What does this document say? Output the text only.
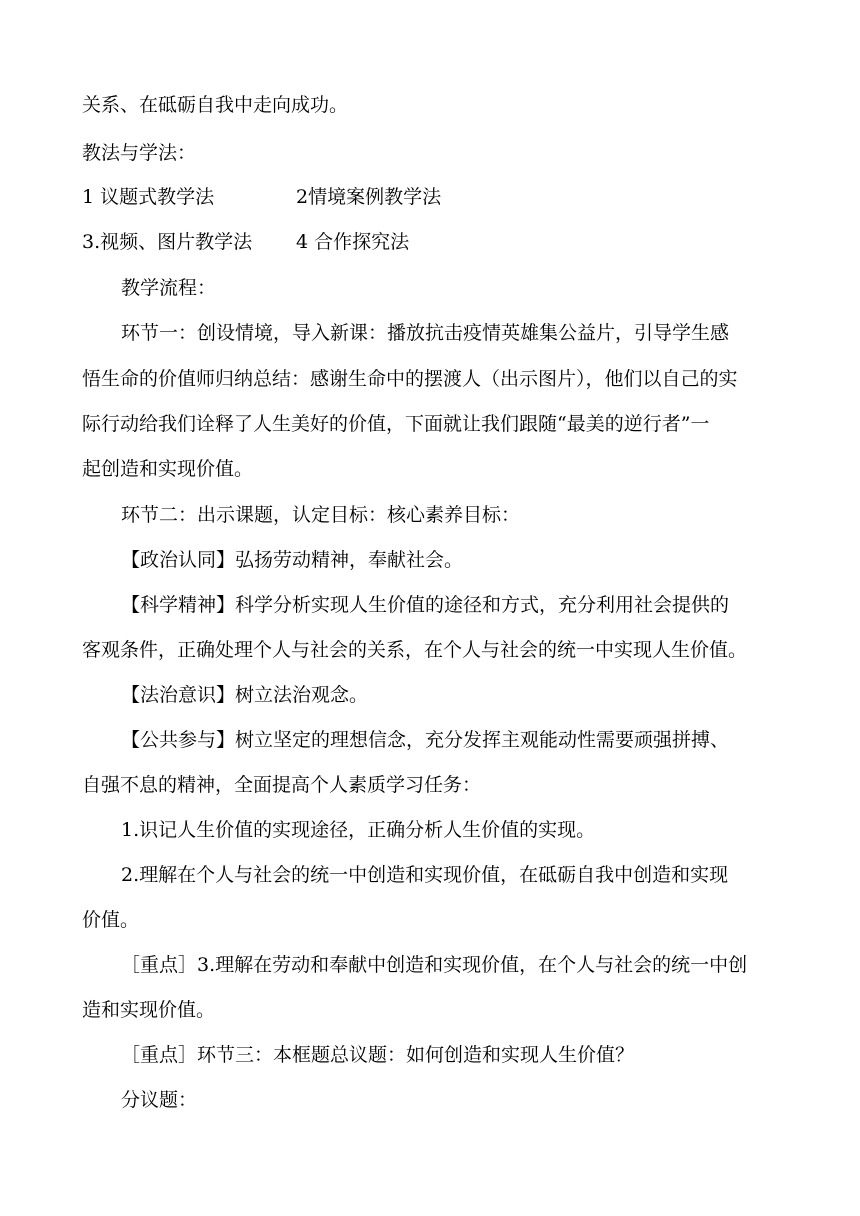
关系、在砥砺自我中走向成功。
教法与学法：
1 议题式教学法	2情境案例教学法
3.视频、图片教学法 4 合作探究法
教学流程：
环节一：创设情境，导入新课：播放抗击疫情英雄集公益片，引导学生感
悟生命的价值师归纳总结：感谢生命中的摆渡人（出示图片），他们以自己的实
际行动给我们诠释了人生美好的价值，下面就让我们跟随“最美的逆行者”一
起创造和实现价值。
环节二：出示课题，认定目标：核心素养目标：
【政治认同】弘扬劳动精神，奉献社会。
【科学精神】科学分析实现人生价值的途径和方式，充分利用社会提供的
客观条件，正确处理个人与社会的关系，在个人与社会的统一中实现人生价值。
【法治意识】树立法治观念。
【公共参与】树立坚定的理想信念，充分发挥主观能动性需要顽强拼搏、
自强不息的精神，全面提高个人素质学习任务：
1.识记人生价值的实现途径，正确分析人生价值的实现。
2.理解在个人与社会的统一中创造和实现价值，在砥砺自我中创造和实现
价值。
［重点］3.理解在劳动和奉献中创造和实现价值，在个人与社会的统一中创
造和实现价值。
［重点］环节三：本框题总议题：如何创造和实现人生价值？
分议题：
